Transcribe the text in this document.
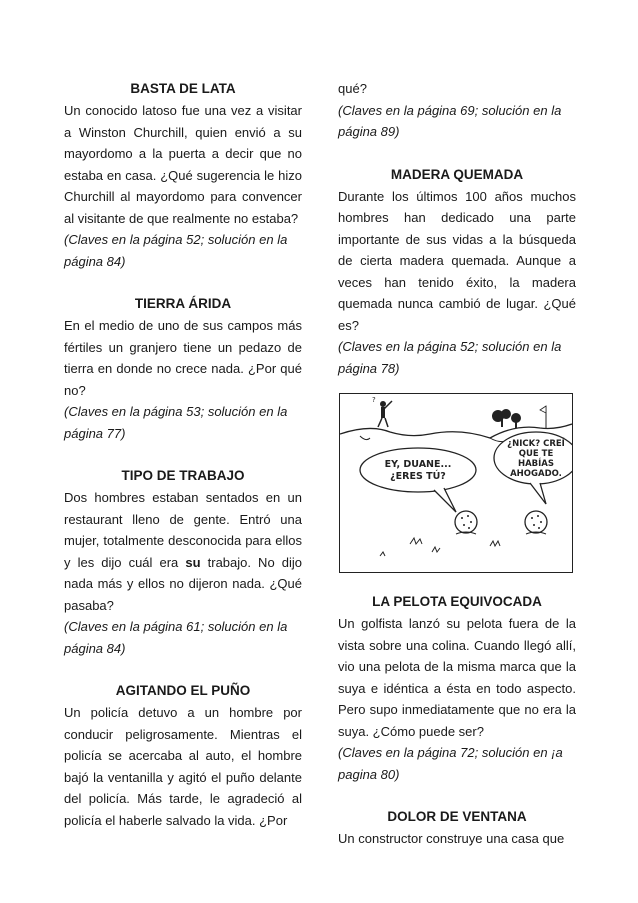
BASTA DE LATA

Un conocido latoso fue una vez a visitar a Winston Churchill, quien envió a su mayordomo a la puerta a decir que no estaba en casa. ¿Qué sugerencia le hizo Churchill al mayordomo para convencer al visitante de que realmente no estaba?

(Claves en la página 52; solución en la página 84)

TIERRA ÁRIDA

En el medio de uno de sus campos más fértiles un granjero tiene un pedazo de tierra en donde no crece nada. ¿Por qué no?

(Claves en la página 53; solución en la página 77)

TIPO DE TRABAJO

Dos hombres estaban sentados en un restaurant lleno de gente. Entró una mujer, totalmente desconocida para ellos y les dijo cuál era su trabajo. No dijo nada más y ellos no dijeron nada. ¿Qué pasaba?

(Claves en la página 61; solución en la página 84)

AGITANDO EL PUÑO

Un policía detuvo a un hombre por conducir peligrosamente. Mientras el policía se acercaba al auto, el hombre bajó la ventanilla y agitó el puño delante del policía. Más tarde, le agradeció al policía el haberle salvado la vida. ¿Por

qué?

(Claves en la página 69; solución en la página 89)

MADERA QUEMADA

Durante los últimos 100 años muchos hombres han dedicado una parte importante de sus vidas a la búsqueda de cierta madera quemada. Aunque a veces han tenido éxito, la madera quemada nunca cambió de lugar. ¿Qué es?

(Claves en la página 52; solución en la página 78)

?
EY, DUANE...
¿ERES TÚ?
¿NICK? CREÍ
QUE TE
HABÍAS
AHOGADO.
LA PELOTA EQUIVOCADA

Un golfista lanzó su pelota fuera de la vista sobre una colina. Cuando llegó allí, vio una pelota de la misma marca que la suya e idéntica a ésta en todo aspecto. Pero supo inmediatamente que no era la suya. ¿Cómo puede ser?

(Claves en la página 72; solución en ¡a pagina 80)

DOLOR DE VENTANA

Un constructor construye una casa que
